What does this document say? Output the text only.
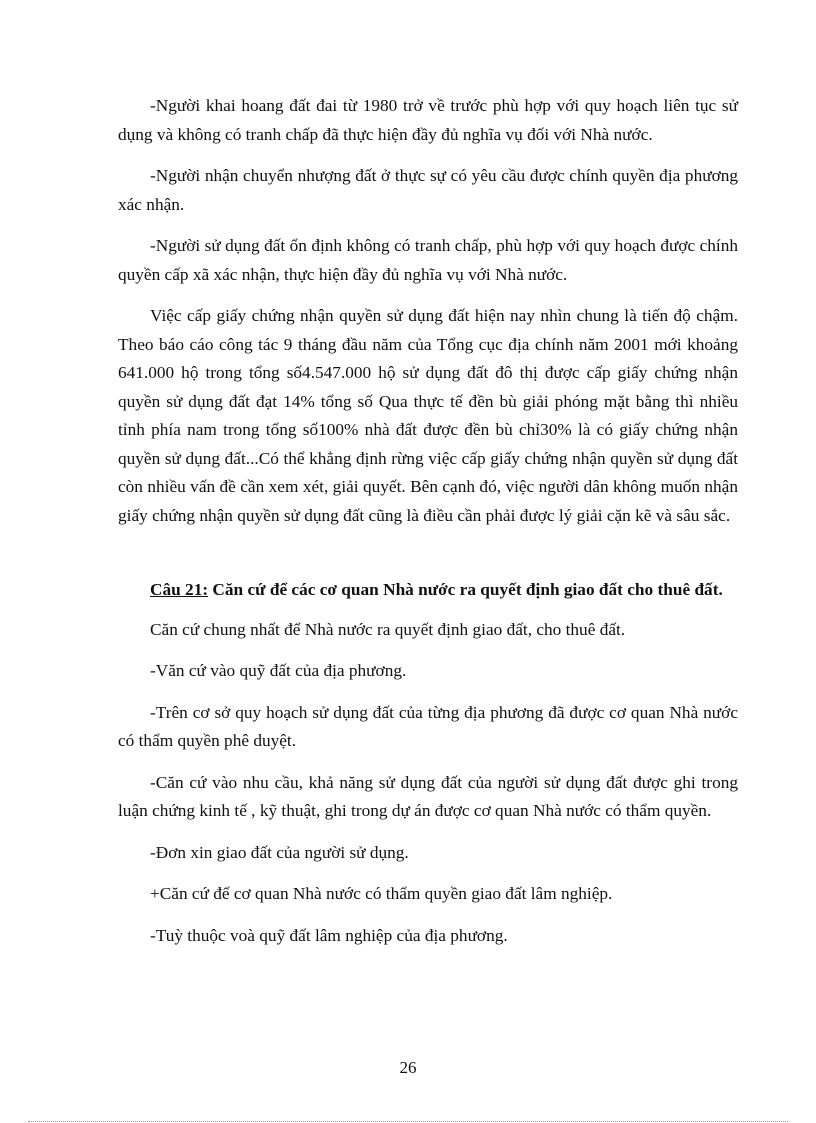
-Người khai hoang đất đai từ 1980 trở về trước phù hợp với quy hoạch liên tục sử dụng và không có tranh chấp đã thực hiện đầy đủ nghĩa vụ đối với Nhà nước.

-Người nhận chuyển nhượng đất ở thực sự có yêu cầu được chính quyền địa phương xác nhận.

-Người sử dụng đất ổn định không có tranh chấp, phù hợp với quy hoạch được chính quyền cấp xã xác nhận, thực hiện đầy đủ nghĩa vụ với Nhà nước.

Việc cấp giấy chứng nhận quyền sử dụng đất hiện nay nhìn chung là tiến độ chậm. Theo báo cáo công tác 9 tháng đầu năm của Tổng cục địa chính năm 2001 mới khoảng 641.000 hộ trong tổng số4.547.000 hộ sử dụng đất đô thị được cấp giấy chứng nhận quyền sử dụng đất đạt 14% tổng số Qua thực tế đền bù giải phóng mặt bằng thì nhiều tỉnh phía nam trong tổng số100% nhà đất được đền bù chỉ30% là có giấy chứng nhận quyền sử dụng đất...Có thể khẳng định rừng việc cấp giấy chứng nhận quyền sử dụng đất còn nhiều vấn đề cần xem xét, giải quyết. Bên cạnh đó, việc người dân không muốn nhận giấy chứng nhận quyền sử dụng đất cũng là điều cần phải được lý giải cặn kẽ và sâu sắc.

Câu 21: Căn cứ để các cơ quan Nhà nước ra quyết định giao đất cho thuê đất.

Căn cứ chung nhất để Nhà nước ra quyết định giao đất, cho thuê đất.

-Văn cứ vào quỹ đất của địa phương.

-Trên cơ sở quy hoạch sử dụng đất của từng địa phương đã được cơ quan Nhà nước có thẩm quyền phê duyệt.

-Căn cứ vào nhu cầu, khả năng sử dụng đất của người sử dụng đất được ghi trong luận chứng kinh tế , kỹ thuật, ghi trong dự án được cơ quan Nhà nước có thẩm quyền.

-Đơn xin giao đất của người sử dụng.

+Căn cứ để cơ quan Nhà nước có thẩm quyền giao đất lâm nghiệp.

-Tuỳ thuộc voà quỹ đất lâm nghiệp của địa phương.

26
